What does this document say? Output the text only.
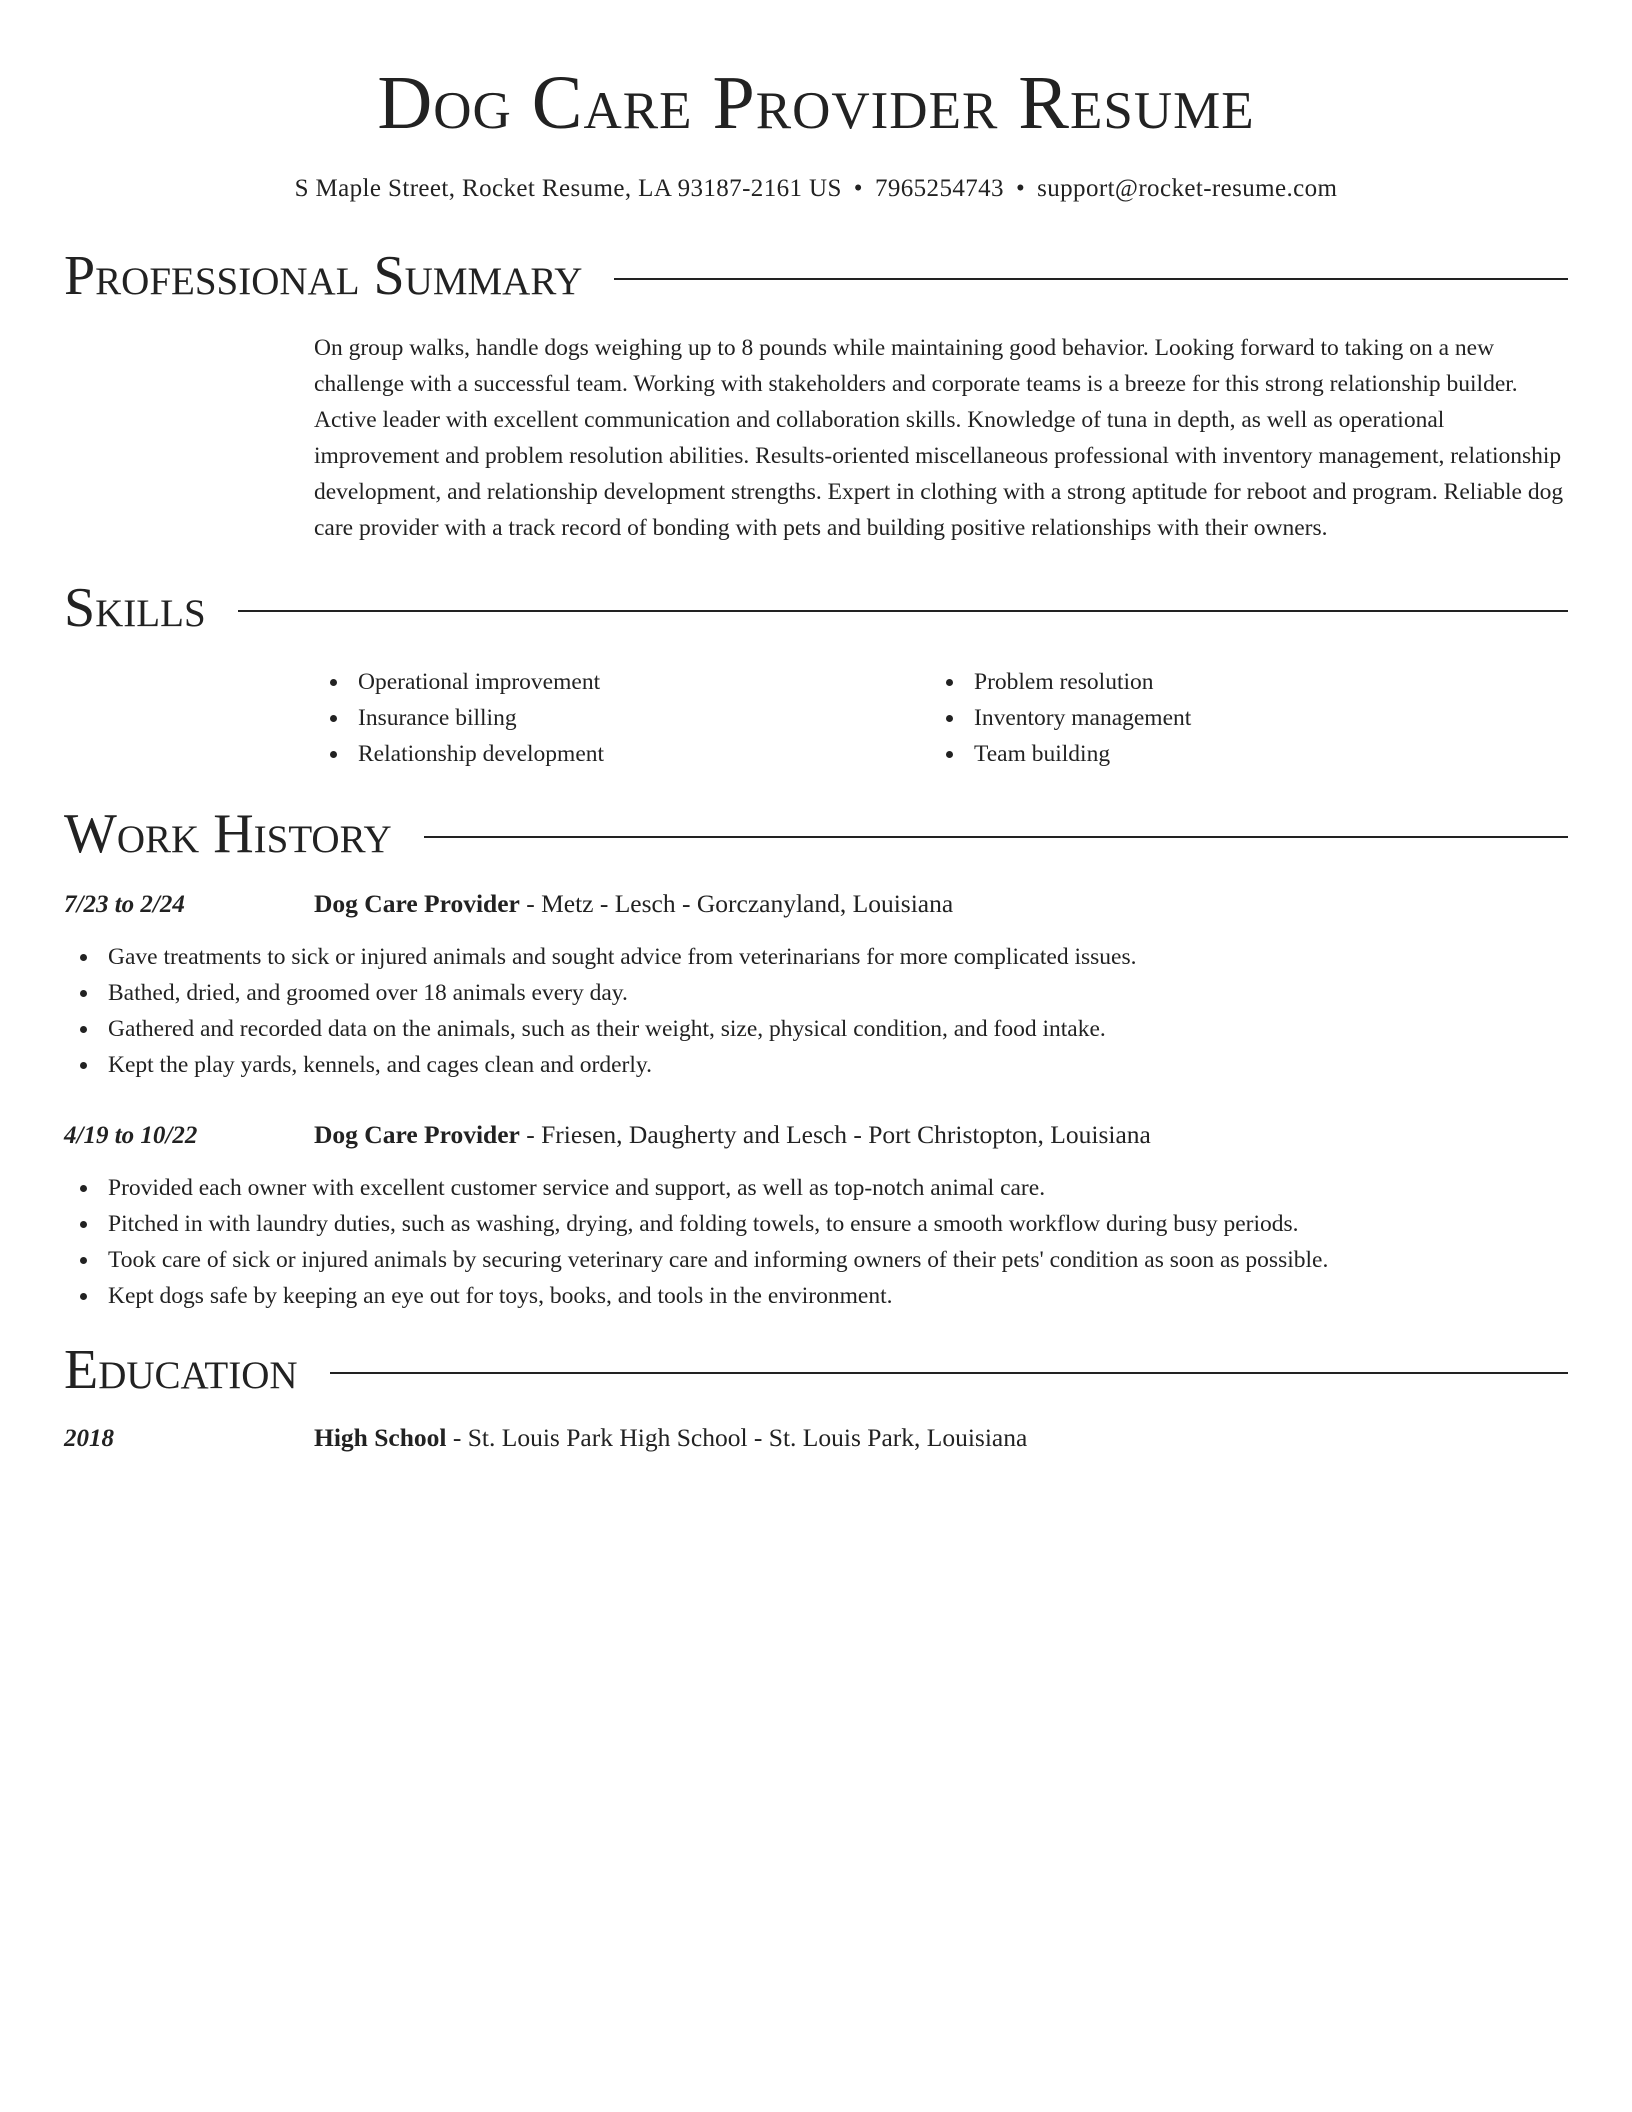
Dog Care Provider Resume
S Maple Street, Rocket Resume, LA 93187-2161 US • 7965254743 • support@rocket-resume.com
Professional Summary

On group walks, handle dogs weighing up to 8 pounds while maintaining good behavior. Looking forward to taking on a new challenge with a successful team. Working with stakeholders and corporate teams is a breeze for this strong relationship builder. Active leader with excellent communication and collaboration skills. Knowledge of tuna in depth, as well as operational improvement and problem resolution abilities. Results-oriented miscellaneous professional with inventory management, relationship development, and relationship development strengths. Expert in clothing with a strong aptitude for reboot and program. Reliable dog care provider with a track record of bonding with pets and building positive relationships with their owners.

Skills
Operational improvement
Insurance billing
Relationship development
Problem resolution
Inventory management
Team building
Work History
7/23 to 2/24	Dog Care Provider - Metz - Lesch - Gorczanyland, Louisiana
Gave treatments to sick or injured animals and sought advice from veterinarians for more complicated issues.
Bathed, dried, and groomed over 18 animals every day.
Gathered and recorded data on the animals, such as their weight, size, physical condition, and food intake.
Kept the play yards, kennels, and cages clean and orderly.
4/19 to 10/22	Dog Care Provider - Friesen, Daugherty and Lesch - Port Christopton, Louisiana
Provided each owner with excellent customer service and support, as well as top-notch animal care.
Pitched in with laundry duties, such as washing, drying, and folding towels, to ensure a smooth workflow during busy periods.
Took care of sick or injured animals by securing veterinary care and informing owners of their pets' condition as soon as possible.
Kept dogs safe by keeping an eye out for toys, books, and tools in the environment.
Education
2018	High School - St. Louis Park High School - St. Louis Park, Louisiana
